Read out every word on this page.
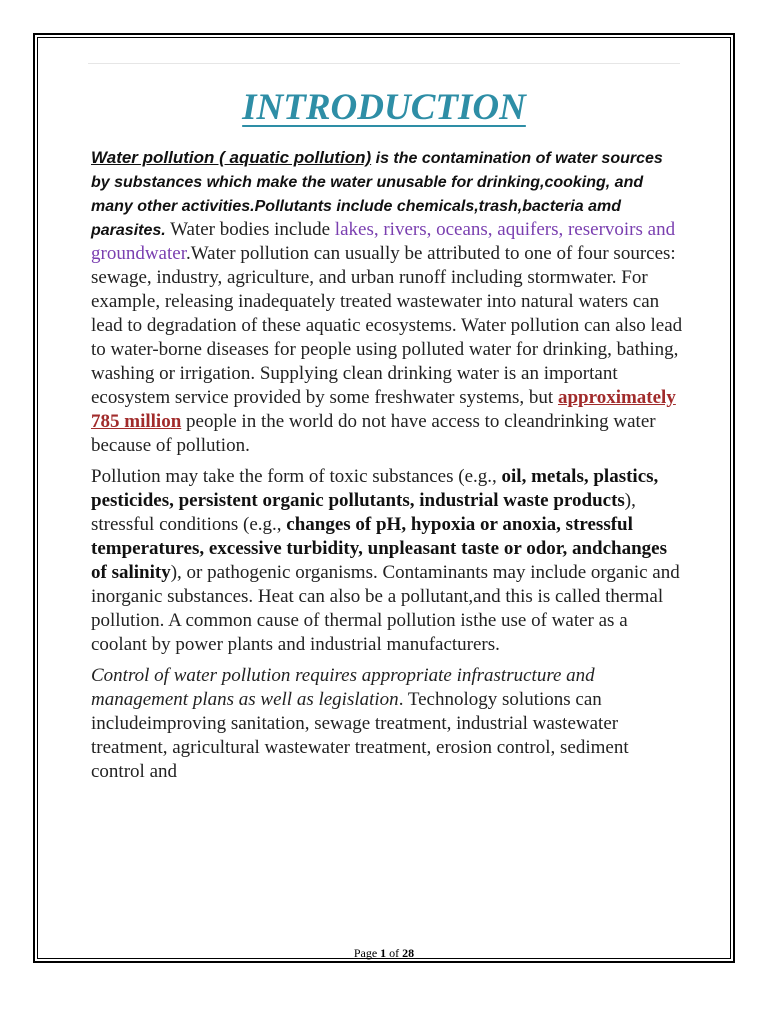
INTRODUCTION

Water pollution ( aquatic pollution) is the contamination of water sources by substances which make the water unusable for drinking,cooking, and many other activities.Pollutants include chemicals,trash,bacteria amd parasites. Water bodies include lakes, rivers, oceans, aquifers, reservoirs and groundwater.Water pollution can usually be attributed to one of four sources: sewage, industry, agriculture, and urban runoff including stormwater. For example, releasing inadequately treated wastewater into natural waters can lead to degradation of these aquatic ecosystems. Water pollution can also lead to water-borne diseases for people using polluted water for drinking, bathing, washing or irrigation. Supplying clean drinking water is an important ecosystem service provided by some freshwater systems, but approximately 785 million people in the world do not have access to cleandrinking water because of pollution.

Pollution may take the form of toxic substances (e.g., oil, metals, plastics, pesticides, persistent organic pollutants, industrial waste products), stressful conditions (e.g., changes of pH, hypoxia or anoxia, stressful temperatures, excessive turbidity, unpleasant taste or odor, andchanges of salinity), or pathogenic organisms. Contaminants may include organic and inorganic substances. Heat can also be a pollutant,and this is called thermal pollution. A common cause of thermal pollution isthe use of water as a coolant by power plants and industrial manufacturers.

Control of water pollution requires appropriate infrastructure and management plans as well as legislation. Technology solutions can includeimproving sanitation, sewage treatment, industrial wastewater treatment, agricultural wastewater treatment, erosion control, sediment control and

Page 1 of 28
